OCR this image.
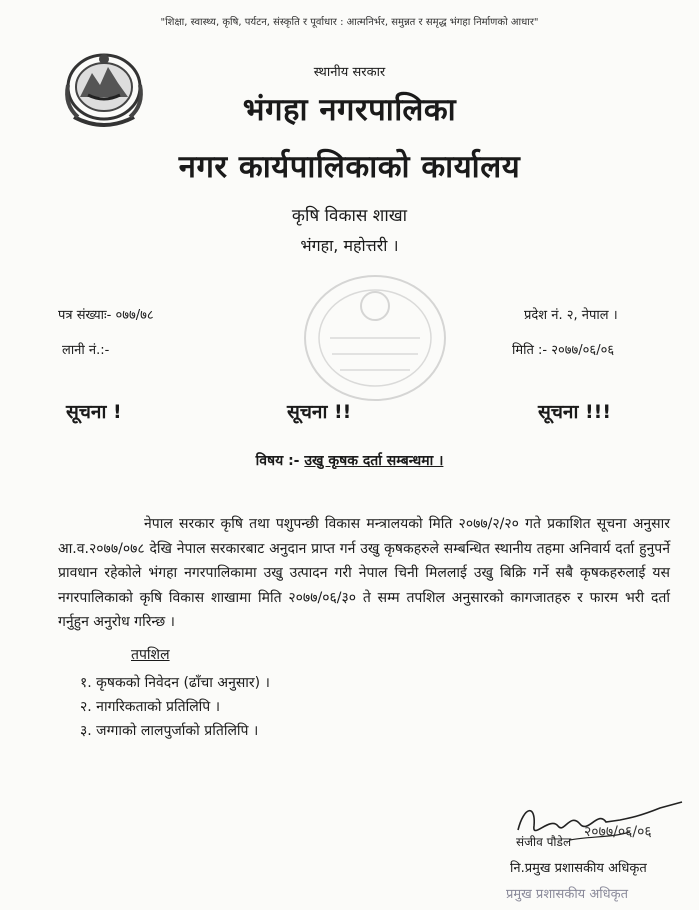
"शिक्षा, स्वास्थ्य, कृषि, पर्यटन, संस्कृति र पूर्वाधार : आत्मनिर्भर, समुन्नत र समृद्ध भंगहा निर्माणको आधार"
स्थानीय सरकार
भंगहा नगरपालिका
नगर कार्यपालिकाको कार्यालय
कृषि विकास शाखा
भंगहा, महोत्तरी ।
पत्र संख्याः- ०७७/७८
लानी नं.:-
प्रदेश नं. २, नेपाल ।
मिति :- २०७७/०६/०६
सूचना !	सूचना !!	सूचना !!!
विषय :- उखु कृषक दर्ता सम्बन्धमा ।

नेपाल सरकार कृषि तथा पशुपन्छी विकास मन्त्रालयको मिति २०७७/२/२० गते प्रकाशित सूचना अनुसार आ.व.२०७७/०७८ देखि नेपाल सरकारबाट अनुदान प्राप्त गर्न उखु कृषकहरुले सम्बन्धित स्थानीय तहमा अनिवार्य दर्ता हुनुपर्ने प्रावधान रहेकोले भंगहा नगरपालिकामा उखु उत्पादन गरी नेपाल चिनी मिललाई उखु बिक्रि गर्ने सबै कृषकहरुलाई यस नगरपालिकाको कृषि विकास शाखामा मिति २०७७/०६/३० ते सम्म तपशिल अनुसारको कागजातहरु र फारम भरी दर्ता गर्नुहुन अनुरोध गरिन्छ ।

तपशिल
१. कृषकको निवेदन (ढाँचा अनुसार) ।
२. नागरिकताको प्रतिलिपि ।
३. जग्गाको लालपुर्जाको प्रतिलिपि ।
२०७७/०६/०६
संजीव पौडेल
नि.प्रमुख प्रशासकीय अधिकृत
प्रमुख प्रशासकीय अधिकृत
